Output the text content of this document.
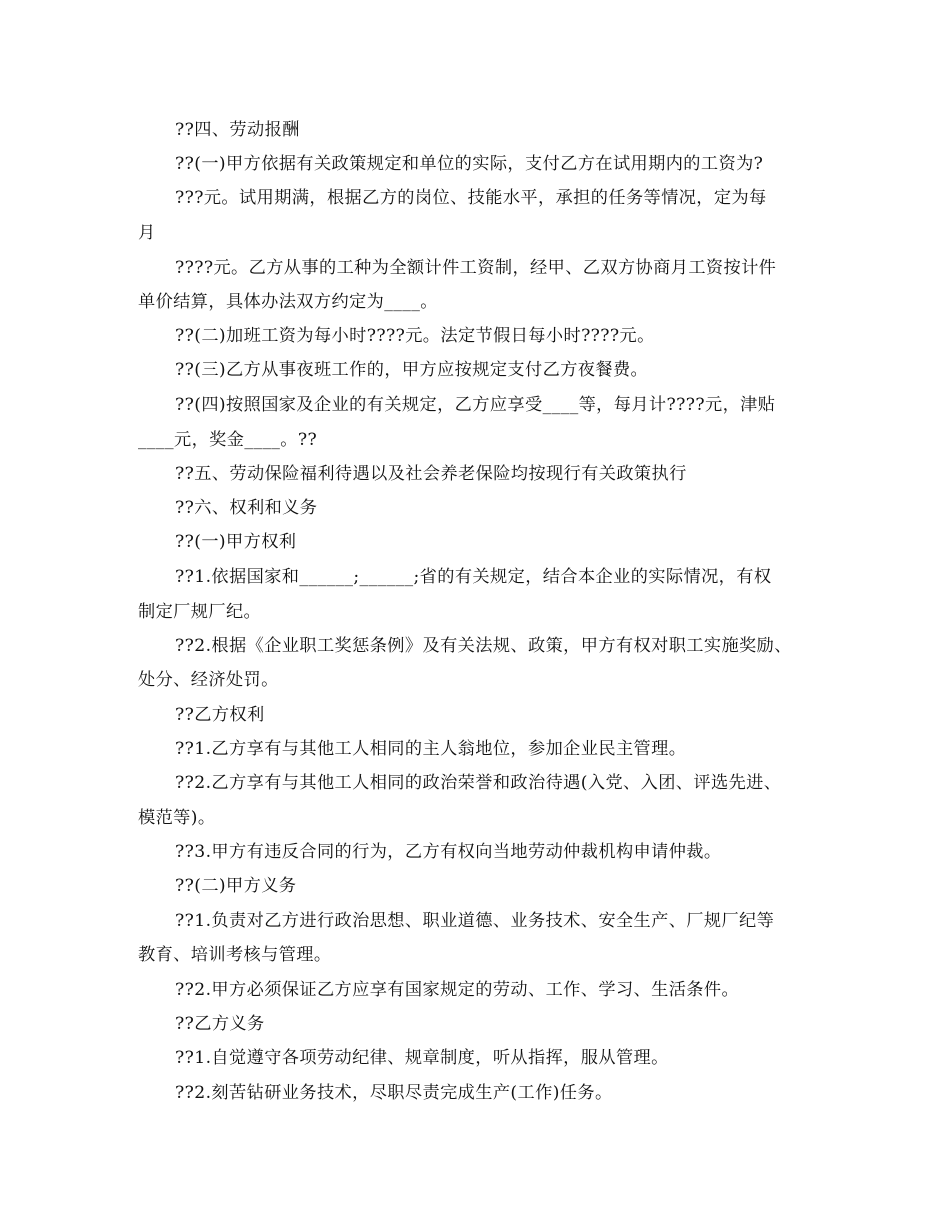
??四、劳动报酬
??(一)甲方依据有关政策规定和单位的实际，支付乙方在试用期内的工资为?
???元。试用期满，根据乙方的岗位、技能水平，承担的任务等情况，定为每
月
????元。乙方从事的工种为全额计件工资制，经甲、乙双方协商月工资按计件
单价结算，具体办法双方约定为____。
??(二)加班工资为每小时????元。法定节假日每小时????元。
??(三)乙方从事夜班工作的，甲方应按规定支付乙方夜餐费。
??(四)按照国家及企业的有关规定，乙方应享受____等，每月计????元，津贴
____元，奖金____。??
??五、劳动保险福利待遇以及社会养老保险均按现行有关政策执行
??六、权利和义务
??(一)甲方权利
??1.依据国家和______;______;省的有关规定，结合本企业的实际情况，有权
制定厂规厂纪。
??2.根据《企业职工奖惩条例》及有关法规、政策，甲方有权对职工实施奖励、
处分、经济处罚。
??乙方权利
??1.乙方享有与其他工人相同的主人翁地位，参加企业民主管理。
??2.乙方享有与其他工人相同的政治荣誉和政治待遇(入党、入团、评选先进、
模范等)。
??3.甲方有违反合同的行为，乙方有权向当地劳动仲裁机构申请仲裁。
??(二)甲方义务
??1.负责对乙方进行政治思想、职业道德、业务技术、安全生产、厂规厂纪等
教育、培训考核与管理。
??2.甲方必须保证乙方应享有国家规定的劳动、工作、学习、生活条件。
??乙方义务
??1.自觉遵守各项劳动纪律、规章制度，听从指挥，服从管理。
??2.刻苦钻研业务技术，尽职尽责完成生产(工作)任务。
